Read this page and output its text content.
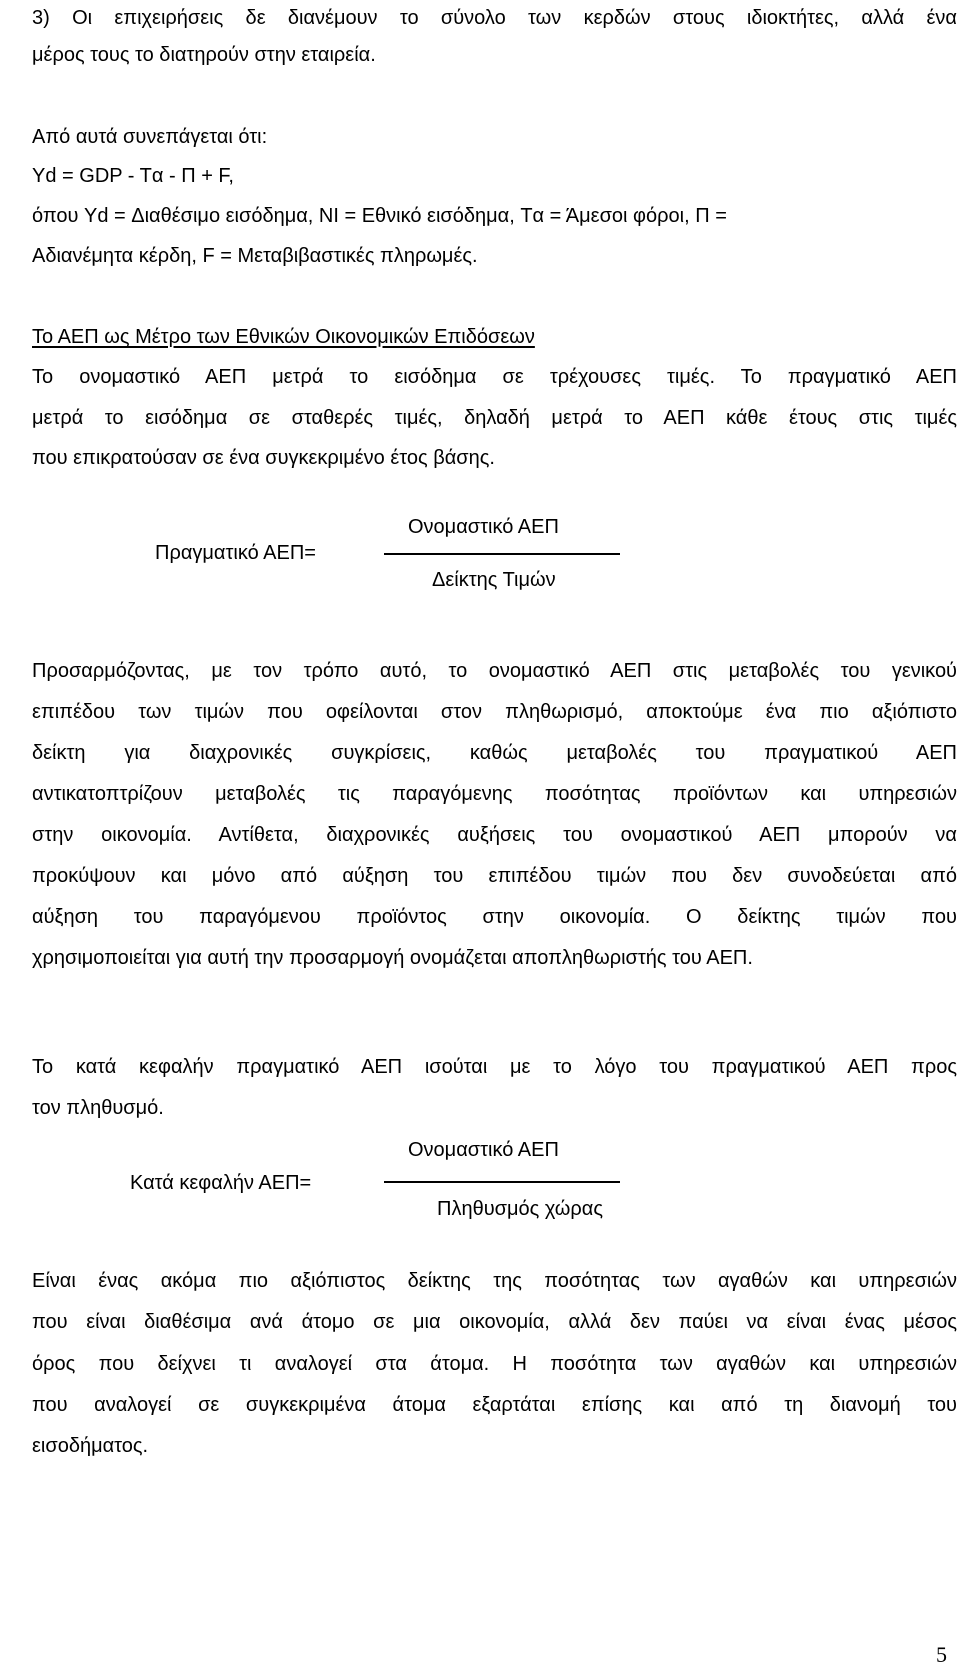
3) Οι επιχειρήσεις δε διανέμουν το σύνολο των κερδών στους ιδιοκτήτες, αλλά ένα
μέρος τους το διατηρούν στην εταιρεία.
Από αυτά συνεπάγεται ότι:
Yd = GDP - Tα - Π + F,
όπου Yd = Διαθέσιμο εισόδημα, ΝΙ = Εθνικό εισόδημα, Tα = Άμεσοι φόροι, Π =
Αδιανέμητα κέρδη, F = Μεταβιβαστικές πληρωμές.
Το ΑΕΠ ως Μέτρο των Εθνικών Οικονομικών Επιδόσεων
Το ονομαστικό ΑΕΠ μετρά το εισόδημα σε τρέχουσες τιμές. Το πραγματικό ΑΕΠ
μετρά το εισόδημα σε σταθερές τιμές, δηλαδή μετρά το ΑΕΠ κάθε έτους στις τιμές
που επικρατούσαν σε ένα συγκεκριμένο έτος βάσης.
Πραγματικό ΑΕΠ=
Ονομαστικό ΑΕΠ
Δείκτης Τιμών
Προσαρμόζοντας, με τον τρόπο αυτό, το ονομαστικό ΑΕΠ στις μεταβολές του γενικού
επιπέδου των τιμών που οφείλονται στον πληθωρισμό, αποκτούμε ένα πιο αξιόπιστο
δείκτη για διαχρονικές συγκρίσεις, καθώς μεταβολές του πραγματικού ΑΕΠ
αντικατοπτρίζουν μεταβολές τις παραγόμενης ποσότητας προϊόντων και υπηρεσιών
στην οικονομία. Αντίθετα, διαχρονικές αυξήσεις του ονομαστικού ΑΕΠ μπορούν να
προκύψουν και μόνο από αύξηση του επιπέδου τιμών που δεν συνοδεύεται από
αύξηση του παραγόμενου προϊόντος στην οικονομία. Ο δείκτης τιμών που
χρησιμοποιείται για αυτή την προσαρμογή ονομάζεται αποπληθωριστής του ΑΕΠ.
Το κατά κεφαλήν πραγματικό ΑΕΠ ισούται με το λόγο του πραγματικού ΑΕΠ προς
τον πληθυσμό.
Κατά κεφαλήν ΑΕΠ=
Ονομαστικό ΑΕΠ
Πληθυσμός χώρας
Είναι ένας ακόμα πιο αξιόπιστος δείκτης της ποσότητας των αγαθών και υπηρεσιών
που είναι διαθέσιμα ανά άτομο σε μια οικονομία, αλλά δεν παύει να είναι ένας μέσος
όρος που δείχνει τι αναλογεί στα άτομα. Η ποσότητα των αγαθών και υπηρεσιών
που αναλογεί σε συγκεκριμένα άτομα εξαρτάται επίσης και από τη διανομή του
εισοδήματος.
5
